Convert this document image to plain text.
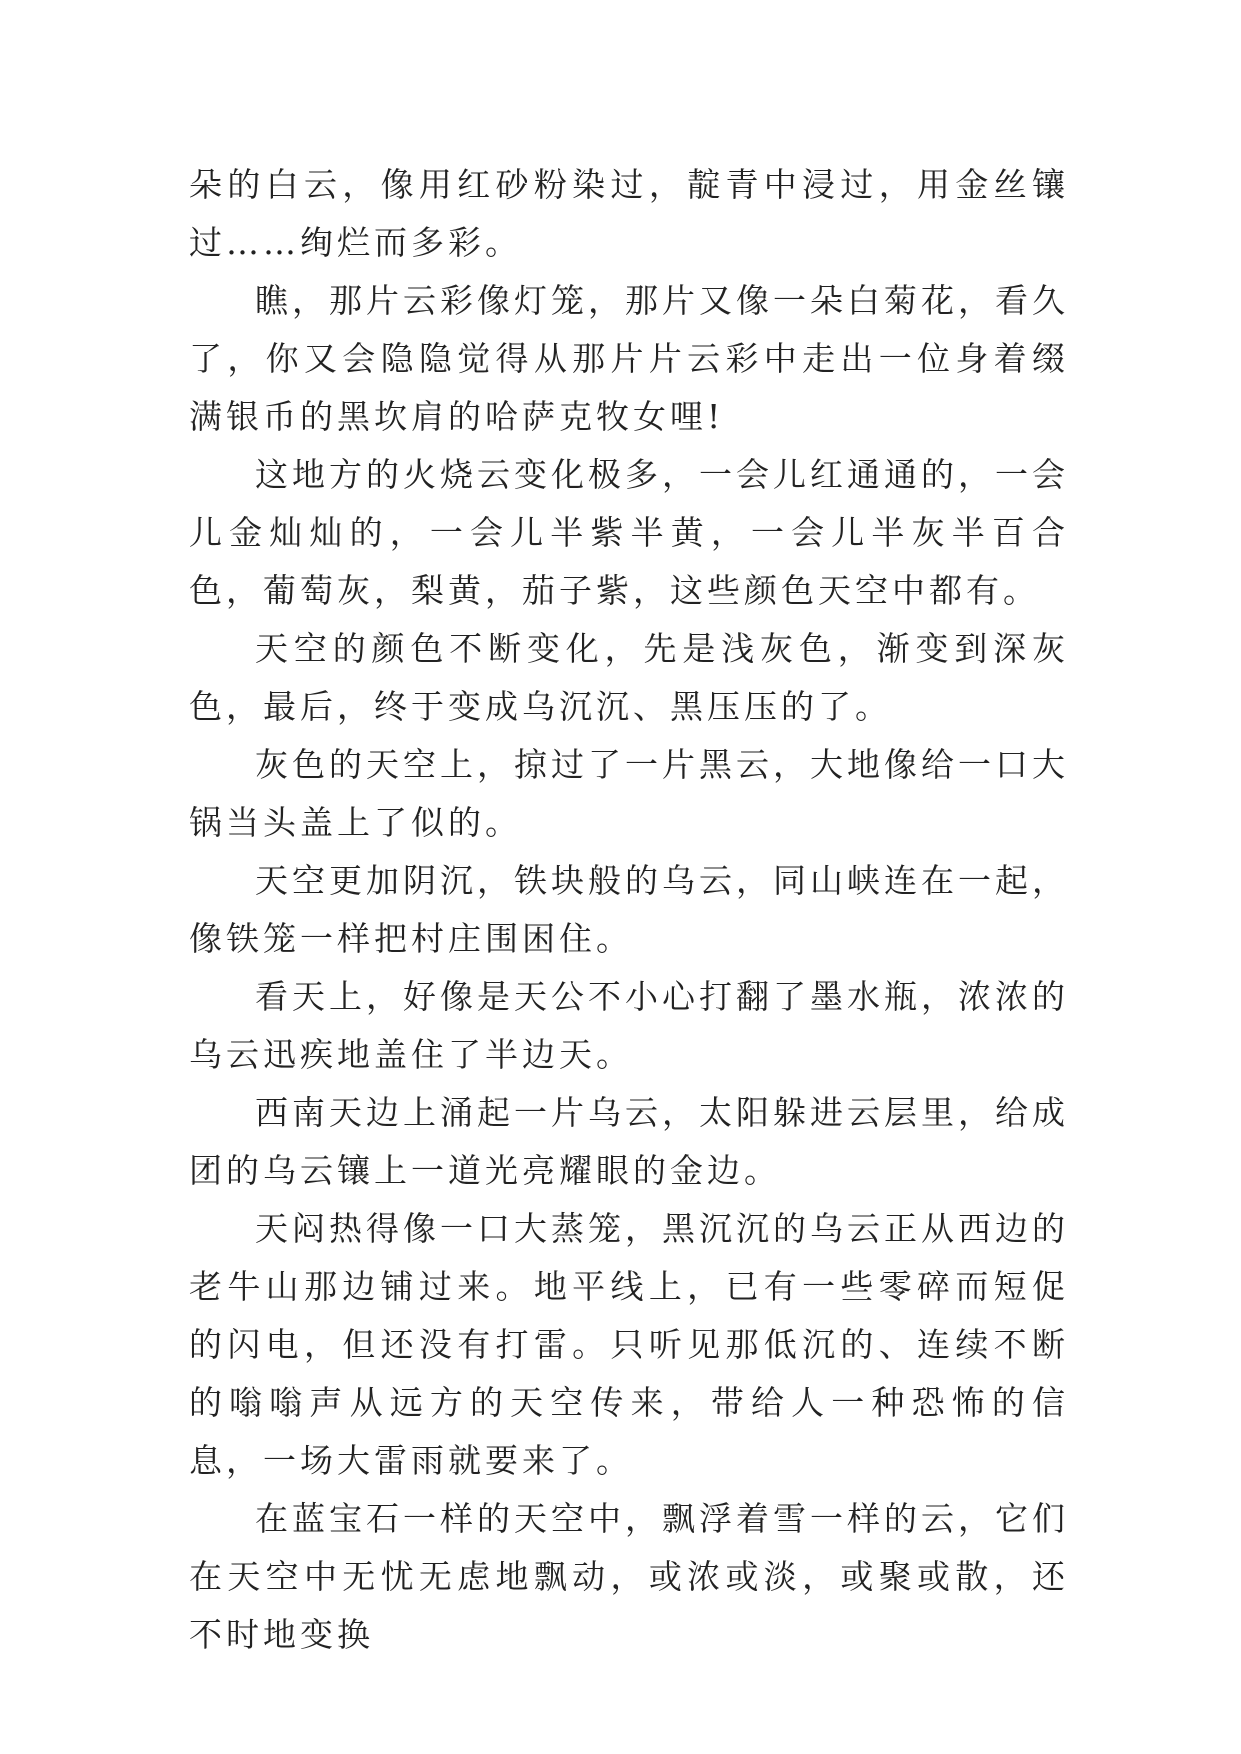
朵的白云，像用红砂粉染过，靛青中浸过，用金丝镶过……绚烂而多彩。

瞧，那片云彩像灯笼，那片又像一朵白菊花，看久了，你又会隐隐觉得从那片片云彩中走出一位身着缀满银币的黑坎肩的哈萨克牧女哩!

这地方的火烧云变化极多，一会儿红通通的，一会儿金灿灿的，一会儿半紫半黄，一会儿半灰半百合色，葡萄灰，梨黄，茄子紫，这些颜色天空中都有。

天空的颜色不断变化，先是浅灰色，渐变到深灰色，最后，终于变成乌沉沉、黑压压的了。

灰色的天空上，掠过了一片黑云，大地像给一口大锅当头盖上了似的。

天空更加阴沉，铁块般的乌云，同山峡连在一起，像铁笼一样把村庄围困住。

看天上，好像是天公不小心打翻了墨水瓶，浓浓的乌云迅疾地盖住了半边天。

西南天边上涌起一片乌云，太阳躲进云层里，给成团的乌云镶上一道光亮耀眼的金边。

天闷热得像一口大蒸笼，黑沉沉的乌云正从西边的老牛山那边铺过来。地平线上，已有一些零碎而短促的闪电，但还没有打雷。只听见那低沉的、连续不断的嗡嗡声从远方的天空传来，带给人一种恐怖的信息，一场大雷雨就要来了。

在蓝宝石一样的天空中，飘浮着雪一样的云，它们在天空中无忧无虑地飘动，或浓或淡，或聚或散，还不时地变换
